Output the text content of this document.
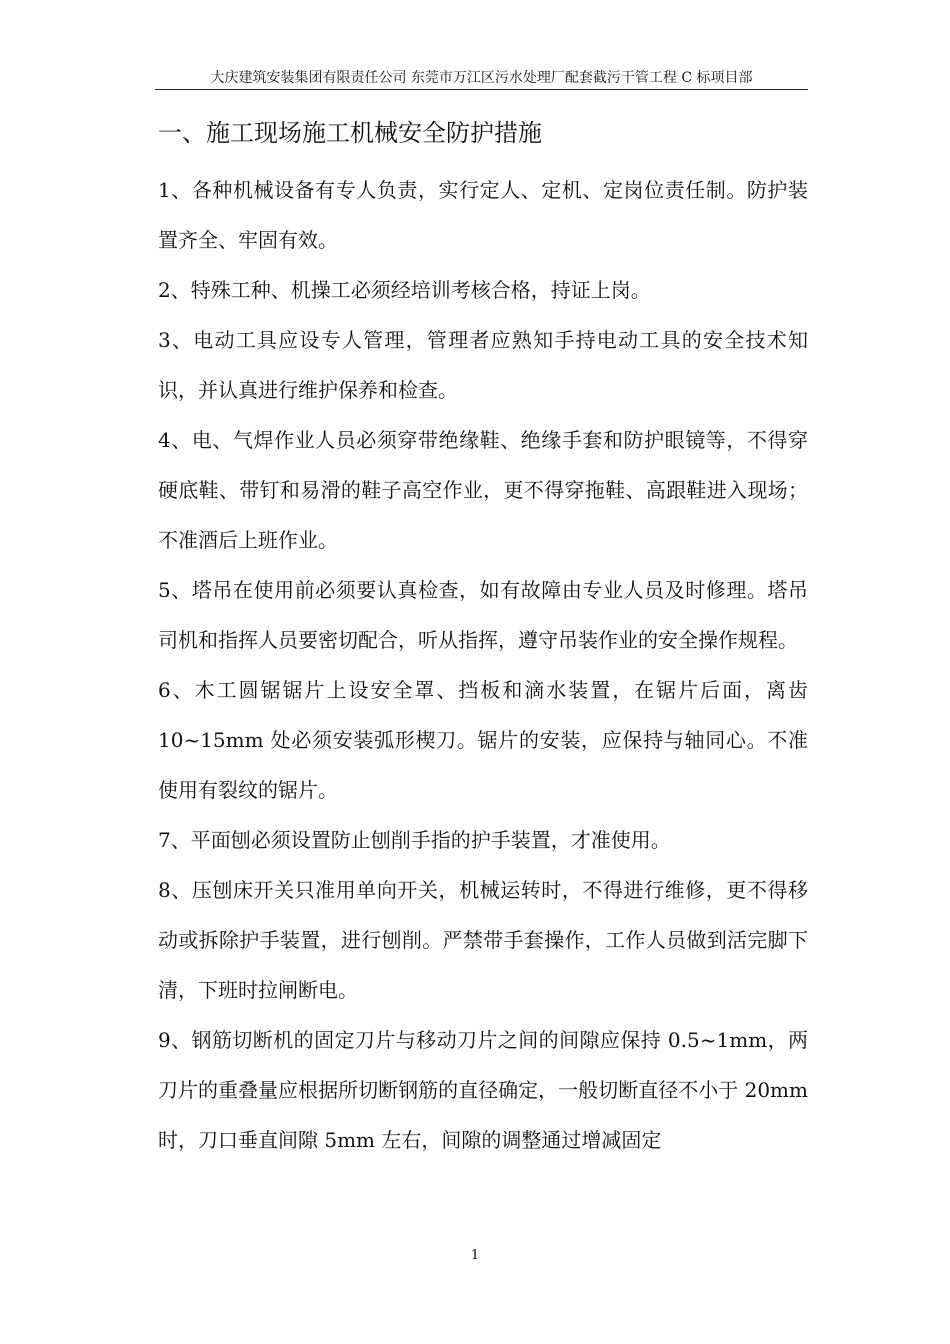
大庆建筑安装集团有限责任公司 东莞市万江区污水处理厂配套截污干管工程 C 标项目部
一、施工现场施工机械安全防护措施

1、各种机械设备有专人负责，实行定人、定机、定岗位责任制。防护装置齐全、牢固有效。

2、特殊工种、机操工必须经培训考核合格，持证上岗。

3、电动工具应设专人管理，管理者应熟知手持电动工具的安全技术知识，并认真进行维护保养和检查。

4、电、气焊作业人员必须穿带绝缘鞋、绝缘手套和防护眼镜等，不得穿硬底鞋、带钉和易滑的鞋子高空作业，更不得穿拖鞋、高跟鞋进入现场；不准酒后上班作业。

5、塔吊在使用前必须要认真检查，如有故障由专业人员及时修理。塔吊司机和指挥人员要密切配合，听从指挥，遵守吊装作业的安全操作规程。

6、木工圆锯锯片上设安全罩、挡板和滴水装置，在锯片后面，离齿10~15mm 处必须安装弧形楔刀。锯片的安装，应保持与轴同心。不准使用有裂纹的锯片。

7、平面刨必须设置防止刨削手指的护手装置，才准使用。

8、压刨床开关只准用单向开关，机械运转时，不得进行维修，更不得移动或拆除护手装置，进行刨削。严禁带手套操作，工作人员做到活完脚下清，下班时拉闸断电。

9、钢筋切断机的固定刀片与移动刀片之间的间隙应保持 0.5~1mm，两刀片的重叠量应根据所切断钢筋的直径确定，一般切断直径不小于 20mm 时，刀口垂直间隙 5mm 左右，间隙的调整通过增减固定

1
